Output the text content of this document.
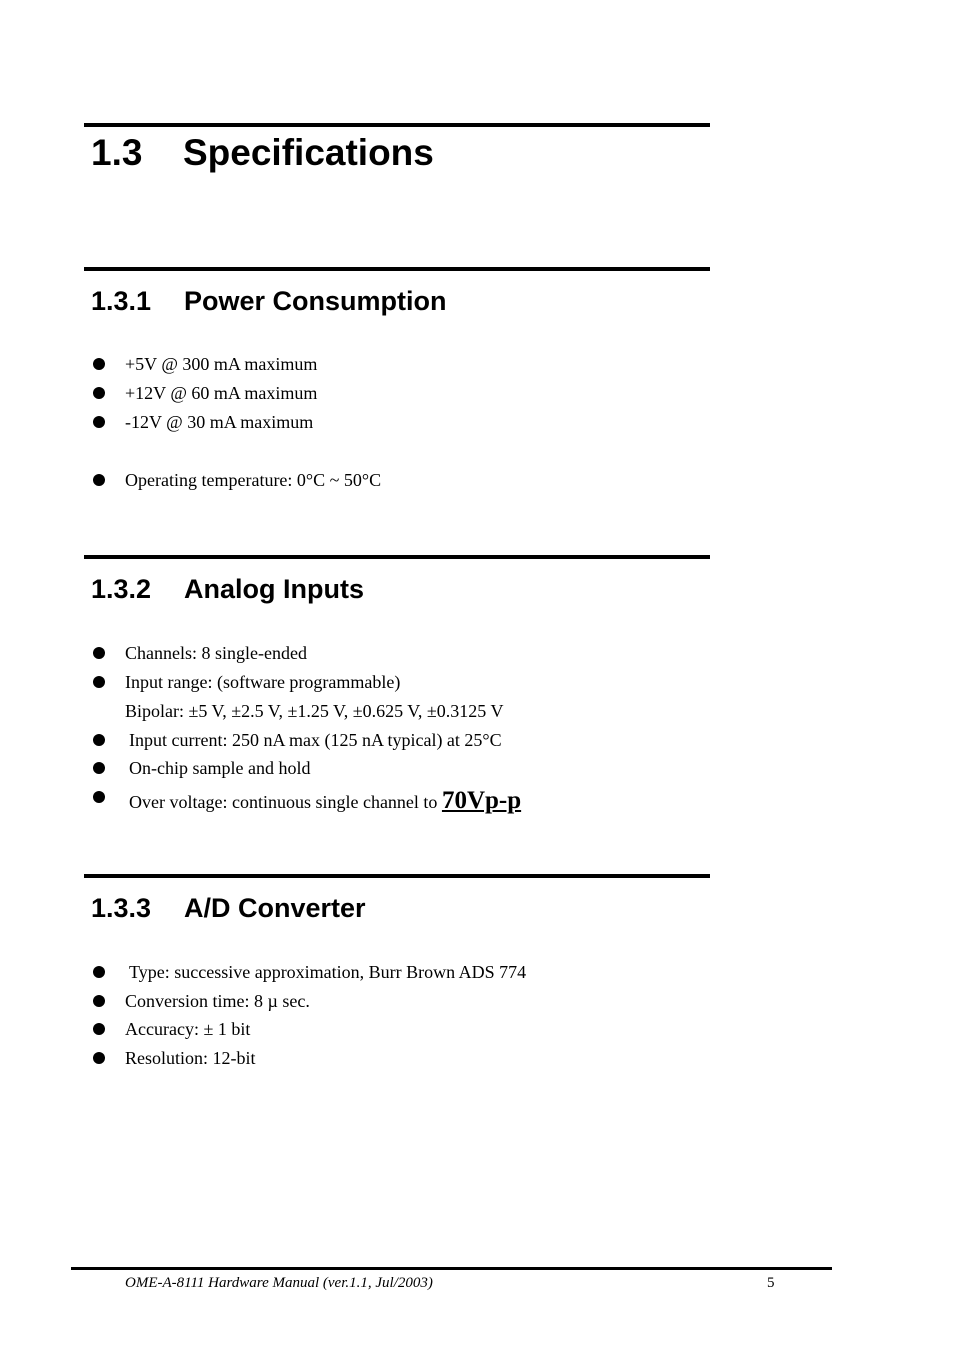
1.3 Specifications
1.3.1 Power Consumption
+5V @ 300 mA maximum
+12V @ 60 mA maximum
-12V @ 30 mA maximum
Operating temperature: 0°C ~ 50°C
1.3.2 Analog Inputs
Channels: 8 single-ended
Input range: (software programmable)
Bipolar: ±5 V, ±2.5 V, ±1.25 V, ±0.625 V, ±0.3125 V
Input current: 250 nA max (125 nA typical) at 25°C
On-chip sample and hold
Over voltage: continuous single channel to 70Vp-p
1.3.3 A/D Converter
Type: successive approximation, Burr Brown ADS 774
Conversion time: 8 µ sec.
Accuracy: ± 1 bit
Resolution: 12-bit
OME-A-8111 Hardware Manual (ver.1.1, Jul/2003)	5
